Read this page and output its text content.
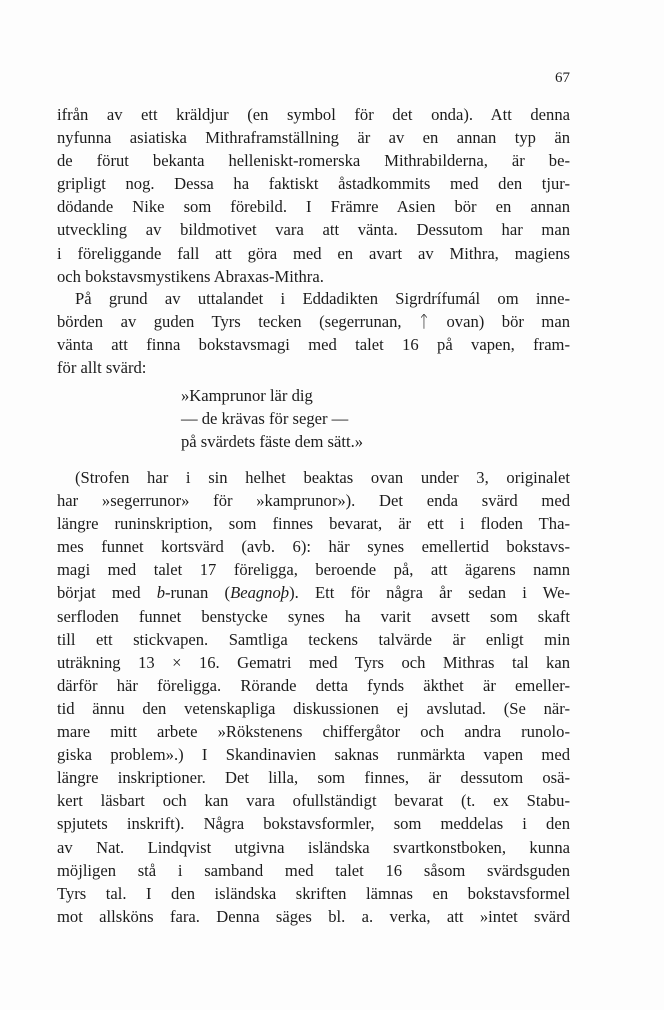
67
ifrån av ett kräldjur (en symbol för det onda). Att denna
nyfunna asiatiska Mithraframställning är av en annan typ än
de förut bekanta helleniskt-romerska Mithrabilderna, är be-
gripligt nog. Dessa ha faktiskt åstadkommits med den tjur-
dödande Nike som förebild. I Främre Asien bör en annan
utveckling av bildmotivet vara att vänta. Dessutom har man
i föreliggande fall att göra med en avart av Mithra, magiens
och bokstavsmystikens Abraxas-Mithra.
På grund av uttalandet i Eddadikten Sigrdrífumál om inne-
börden av guden Tyrs tecken (segerrunan, ᛏ ovan) bör man
vänta att finna bokstavsmagi med talet 16 på vapen, fram-
för allt svärd:
»Kamprunor lär dig
— de krävas för seger —
på svärdets fäste dem sätt.»
(Strofen har i sin helhet beaktas ovan under 3, originalet
har »segerrunor» för »kamprunor»). Det enda svärd med
längre runinskription, som finnes bevarat, är ett i floden Tha-
mes funnet kortsvärd (avb. 6): här synes emellertid bokstavs-
magi med talet 17 föreligga, beroende på, att ägarens namn
börjat med b-runan (Beagnoþ). Ett för några år sedan i We-
serfloden funnet benstycke synes ha varit avsett som skaft
till ett stickvapen. Samtliga teckens talvärde är enligt min
uträkning 13 × 16. Gematri med Tyrs och Mithras tal kan
därför här föreligga. Rörande detta fynds äkthet är emeller-
tid ännu den vetenskapliga diskussionen ej avslutad. (Se när-
mare mitt arbete »Rökstenens chiffergåtor och andra runolo-
giska problem».) I Skandinavien saknas runmärkta vapen med
längre inskriptioner. Det lilla, som finnes, är dessutom osä-
kert läsbart och kan vara ofullständigt bevarat (t. ex Stabu-
spjutets inskrift). Några bokstavsformler, som meddelas i den
av Nat. Lindqvist utgivna isländska svartkonstboken, kunna
möjligen stå i samband med talet 16 såsom svärdsguden
Tyrs tal. I den isländska skriften lämnas en bokstavsformel
mot allsköns fara. Denna säges bl. a. verka, att »intet svärd
